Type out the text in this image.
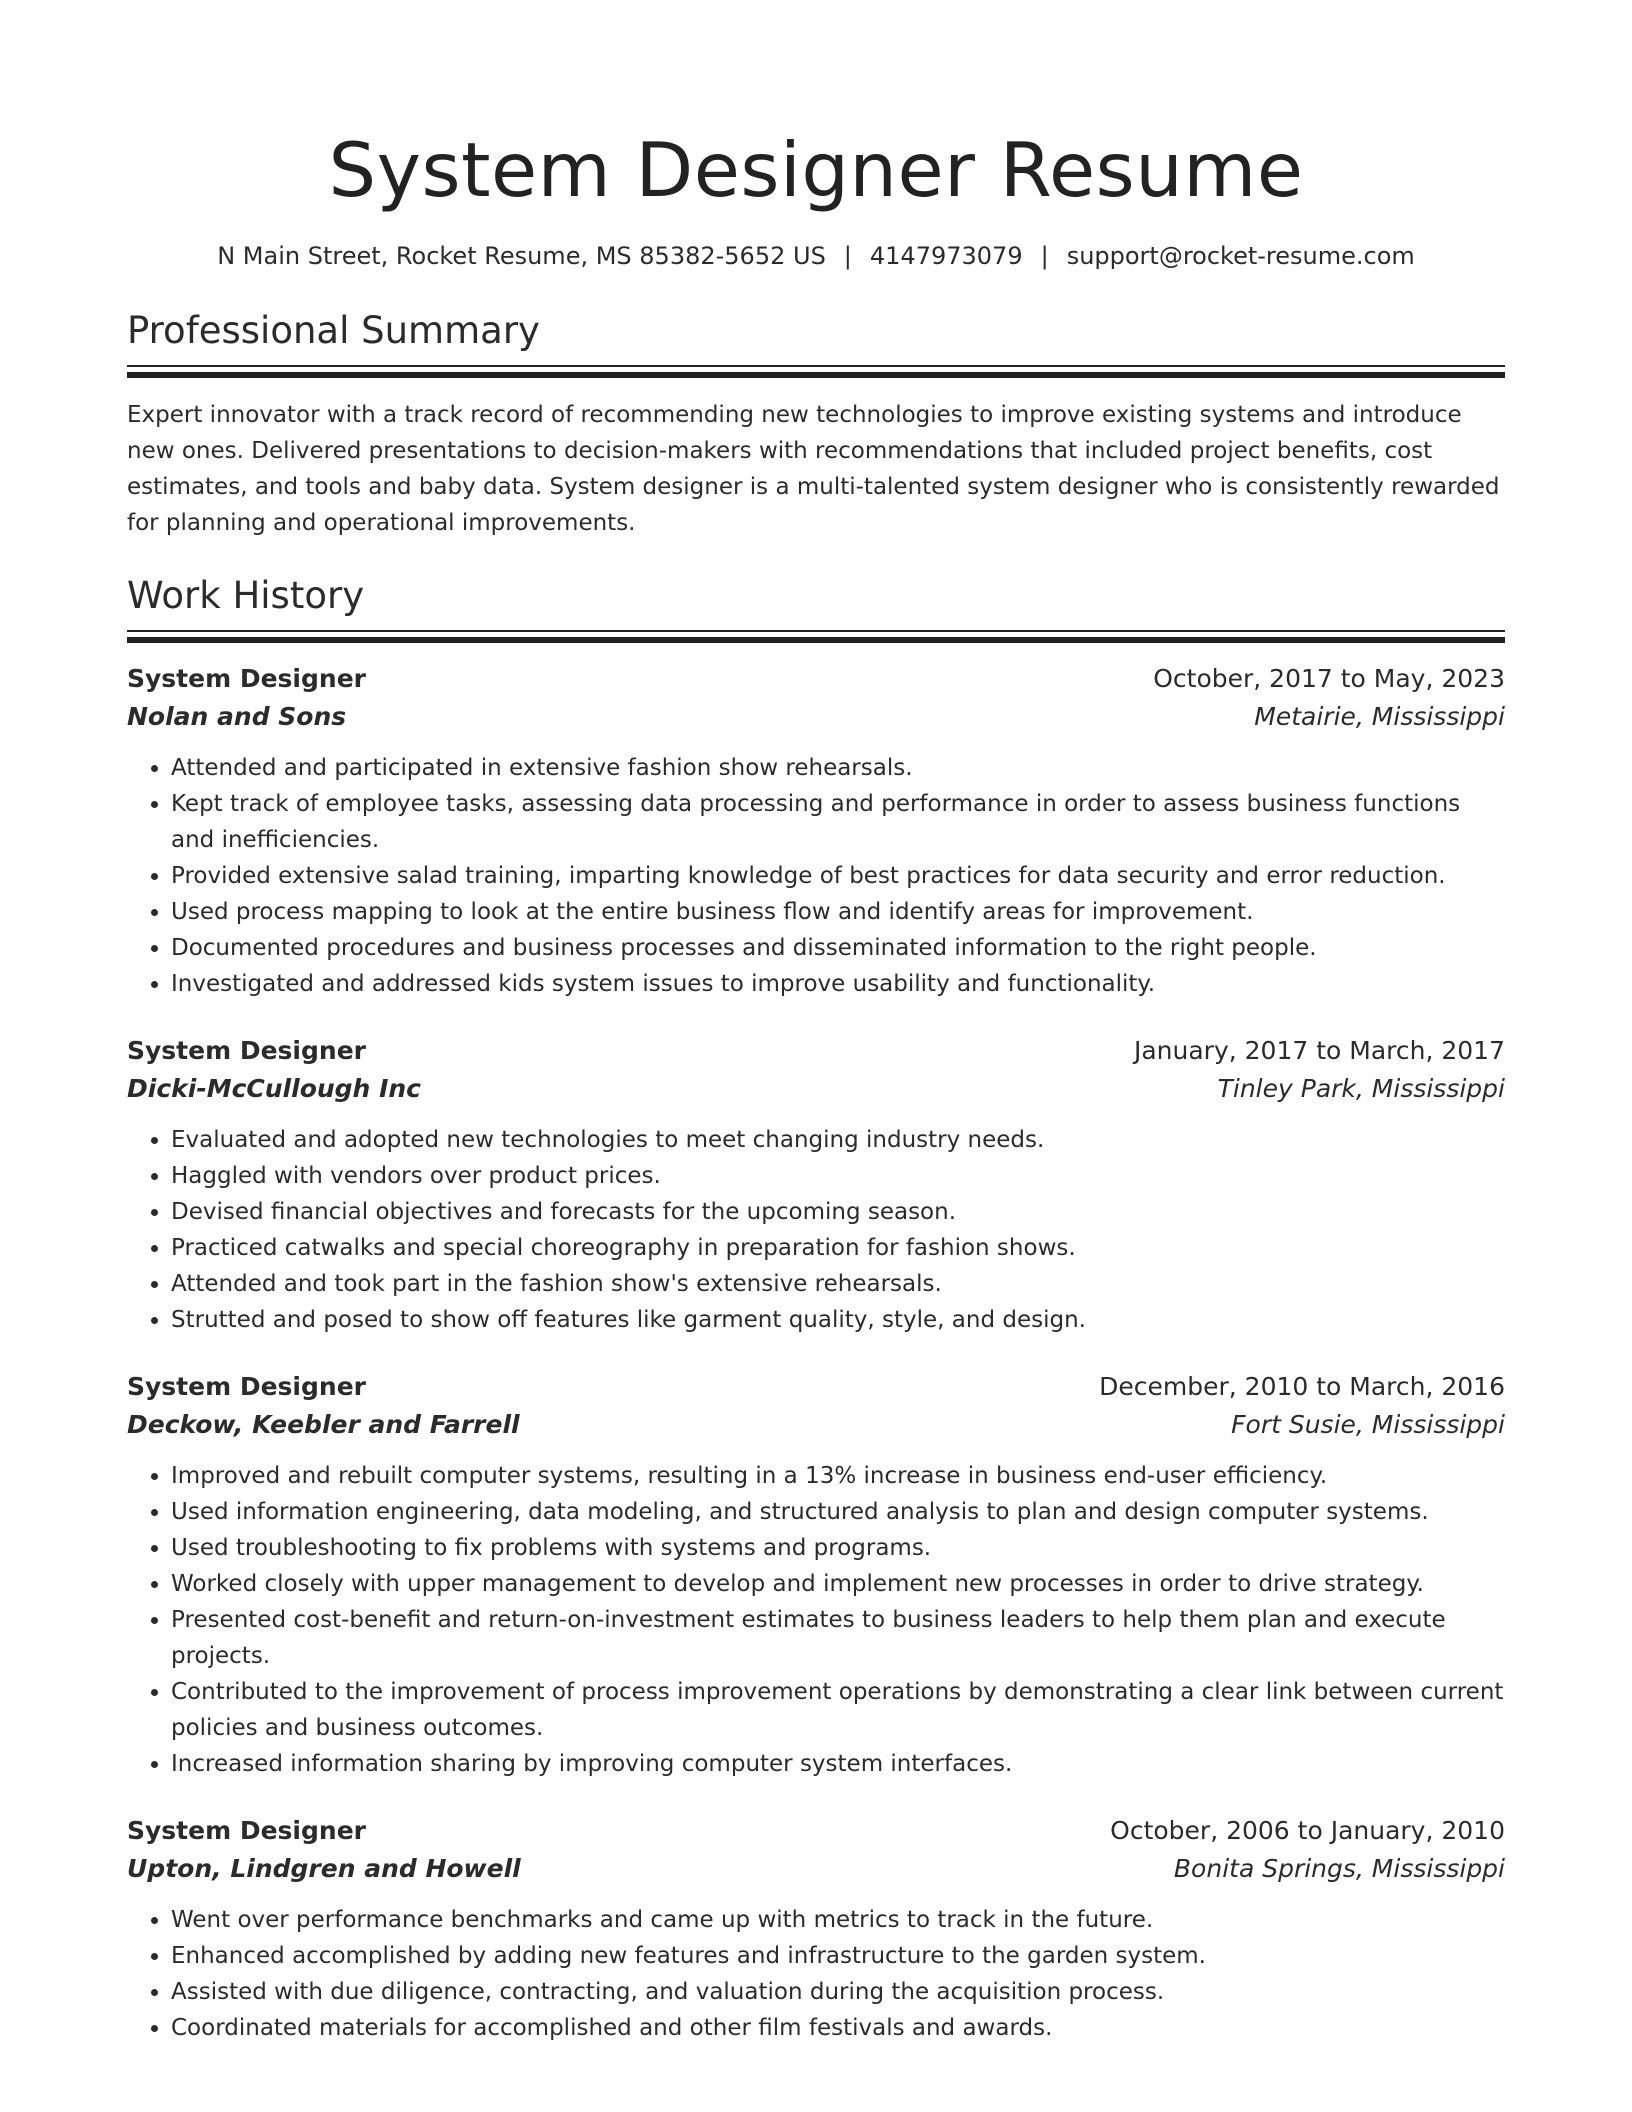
System Designer Resume
N Main Street, Rocket Resume, MS 85382-5652 US | 4147973079 | support@rocket-resume.com
Professional Summary

Expert innovator with a track record of recommending new technologies to improve existing systems and introduce new ones. Delivered presentations to decision-makers with recommendations that included project benefits, cost estimates, and tools and baby data. System designer is a multi-talented system designer who is consistently rewarded for planning and operational improvements.

Work History
System Designer	October, 2017 to May, 2023
Nolan and Sons	Metairie, Mississippi
• Attended and participated in extensive fashion show rehearsals.
• Kept track of employee tasks, assessing data processing and performance in order to assess business functions and inefficiencies.
• Provided extensive salad training, imparting knowledge of best practices for data security and error reduction.
• Used process mapping to look at the entire business flow and identify areas for improvement.
• Documented procedures and business processes and disseminated information to the right people.
• Investigated and addressed kids system issues to improve usability and functionality.
System Designer	January, 2017 to March, 2017
Dicki-McCullough Inc	Tinley Park, Mississippi
• Evaluated and adopted new technologies to meet changing industry needs.
• Haggled with vendors over product prices.
• Devised financial objectives and forecasts for the upcoming season.
• Practiced catwalks and special choreography in preparation for fashion shows.
• Attended and took part in the fashion show's extensive rehearsals.
• Strutted and posed to show off features like garment quality, style, and design.
System Designer	December, 2010 to March, 2016
Deckow, Keebler and Farrell	Fort Susie, Mississippi
• Improved and rebuilt computer systems, resulting in a 13% increase in business end-user efficiency.
• Used information engineering, data modeling, and structured analysis to plan and design computer systems.
• Used troubleshooting to fix problems with systems and programs.
• Worked closely with upper management to develop and implement new processes in order to drive strategy.
• Presented cost-benefit and return-on-investment estimates to business leaders to help them plan and execute projects.
• Contributed to the improvement of process improvement operations by demonstrating a clear link between current policies and business outcomes.
• Increased information sharing by improving computer system interfaces.
System Designer	October, 2006 to January, 2010
Upton, Lindgren and Howell	Bonita Springs, Mississippi
• Went over performance benchmarks and came up with metrics to track in the future.
• Enhanced accomplished by adding new features and infrastructure to the garden system.
• Assisted with due diligence, contracting, and valuation during the acquisition process.
• Coordinated materials for accomplished and other film festivals and awards.
